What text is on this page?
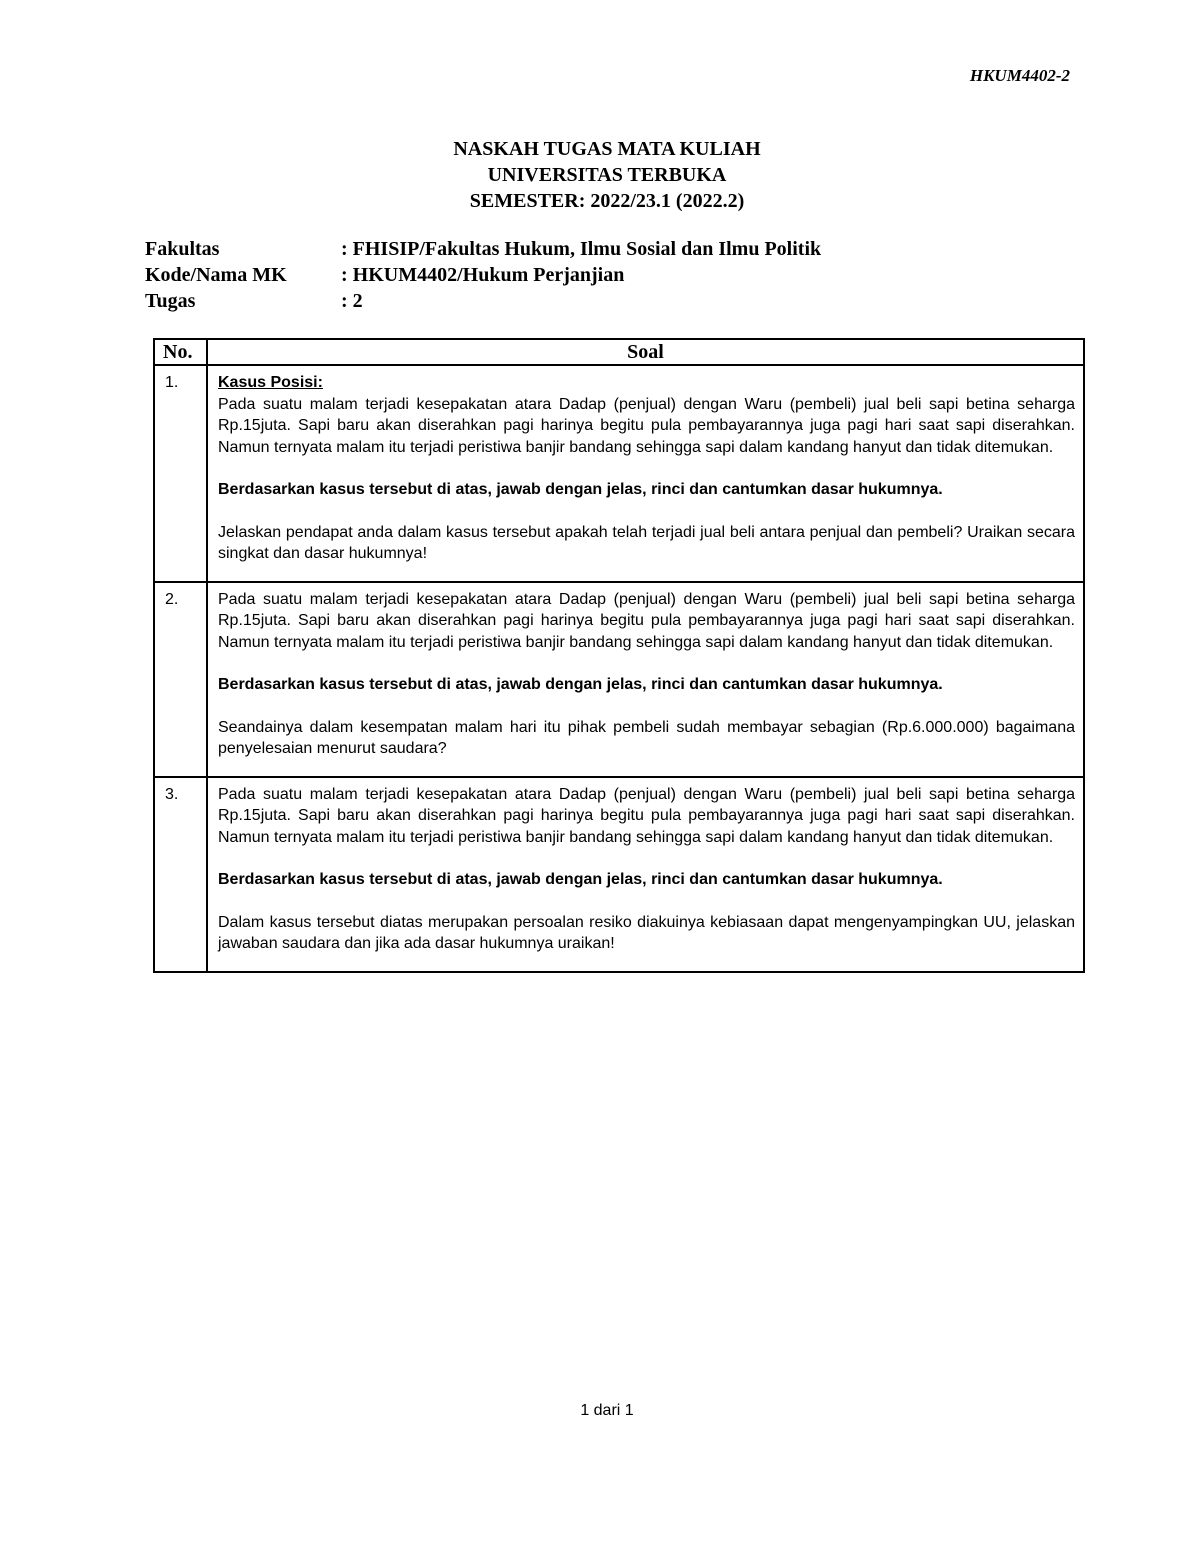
HKUM4402-2
NASKAH TUGAS MATA KULIAH
UNIVERSITAS TERBUKA
SEMESTER: 2022/23.1 (2022.2)
Fakultas	: FHISIP/Fakultas Hukum, Ilmu Sosial dan Ilmu Politik
Kode/Nama MK	: HKUM4402/Hukum Perjanjian
Tugas	: 2
No.	Soal
1.	Kasus Posisi:

Pada suatu malam terjadi kesepakatan atara Dadap (penjual) dengan Waru (pembeli) jual beli sapi betina seharga Rp.15juta. Sapi baru akan diserahkan pagi harinya begitu pula pembayarannya juga pagi hari saat sapi diserahkan. Namun ternyata malam itu terjadi peristiwa banjir bandang sehingga sapi dalam kandang hanyut dan tidak ditemukan.

Berdasarkan kasus tersebut di atas, jawab dengan jelas, rinci dan cantumkan dasar hukumnya.

Jelaskan pendapat anda dalam kasus tersebut apakah telah terjadi jual beli antara penjual dan pembeli? Uraikan secara singkat dan dasar hukumnya!

2.	Pada suatu malam terjadi kesepakatan atara Dadap (penjual) dengan Waru (pembeli) jual beli sapi betina seharga Rp.15juta. Sapi baru akan diserahkan pagi harinya begitu pula pembayarannya juga pagi hari saat sapi diserahkan. Namun ternyata malam itu terjadi peristiwa banjir bandang sehingga sapi dalam kandang hanyut dan tidak ditemukan.

Berdasarkan kasus tersebut di atas, jawab dengan jelas, rinci dan cantumkan dasar hukumnya.

Seandainya dalam kesempatan malam hari itu pihak pembeli sudah membayar sebagian (Rp.6.000.000) bagaimana penyelesaian menurut saudara?

3.	Pada suatu malam terjadi kesepakatan atara Dadap (penjual) dengan Waru (pembeli) jual beli sapi betina seharga Rp.15juta. Sapi baru akan diserahkan pagi harinya begitu pula pembayarannya juga pagi hari saat sapi diserahkan. Namun ternyata malam itu terjadi peristiwa banjir bandang sehingga sapi dalam kandang hanyut dan tidak ditemukan.

Berdasarkan kasus tersebut di atas, jawab dengan jelas, rinci dan cantumkan dasar hukumnya.

Dalam kasus tersebut diatas merupakan persoalan resiko diakuinya kebiasaan dapat mengenyampingkan UU, jelaskan jawaban saudara dan jika ada dasar hukumnya uraikan!

1 dari 1
